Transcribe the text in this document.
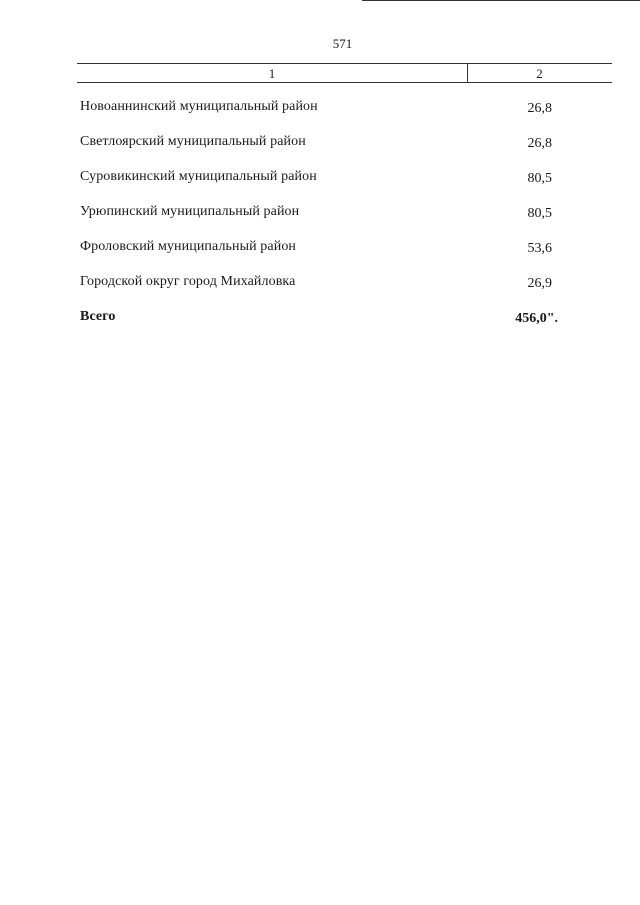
571
1	2
Новоаннинский муниципальный район	26,8
Светлоярский муниципальный район	26,8
Суровикинский муниципальный район	80,5
Урюпинский муниципальный район	80,5
Фроловский муниципальный район	53,6
Городской округ город Михайловка	26,9
Всего	456,0".
